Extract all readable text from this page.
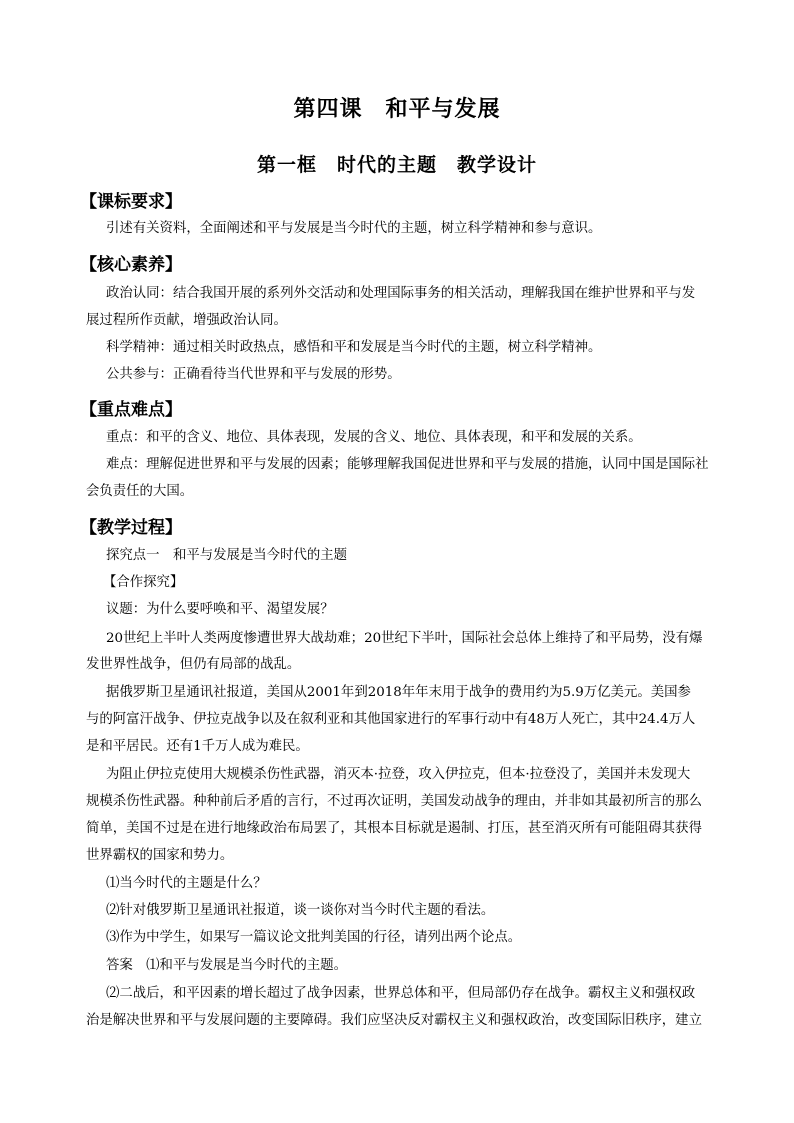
第四课　和平与发展
第一框　时代的主题　教学设计
【课标要求】
引述有关资料，全面阐述和平与发展是当今时代的主题，树立科学精神和参与意识。
【核心素养】
政治认同：结合我国开展的系列外交活动和处理国际事务的相关活动，理解我国在维护世界和平与发
展过程所作贡献，增强政治认同。
科学精神：通过相关时政热点，感悟和平和发展是当今时代的主题，树立科学精神。
公共参与：正确看待当代世界和平与发展的形势。
【重点难点】
重点：和平的含义、地位、具体表现，发展的含义、地位、具体表现，和平和发展的关系。
难点：理解促进世界和平与发展的因素；能够理解我国促进世界和平与发展的措施，认同中国是国际社
会负责任的大国。
【教学过程】
探究点一　和平与发展是当今时代的主题
【合作探究】
议题：为什么要呼唤和平、渴望发展？
20世纪上半叶人类两度惨遭世界大战劫难；20世纪下半叶，国际社会总体上维持了和平局势，没有爆
发世界性战争，但仍有局部的战乱。
据俄罗斯卫星通讯社报道，美国从2001年到2018年年末用于战争的费用约为5.9万亿美元。美国参
与的阿富汗战争、伊拉克战争以及在叙利亚和其他国家进行的军事行动中有48万人死亡，其中24.4万人
是和平居民。还有1千万人成为难民。
为阻止伊拉克使用大规模杀伤性武器，消灭本·拉登，攻入伊拉克，但本·拉登没了，美国并未发现大
规模杀伤性武器。种种前后矛盾的言行，不过再次证明，美国发动战争的理由，并非如其最初所言的那么
简单，美国不过是在进行地缘政治布局罢了，其根本目标就是遏制、打压，甚至消灭所有可能阻碍其获得
世界霸权的国家和势力。
⑴当今时代的主题是什么？
⑵针对俄罗斯卫星通讯社报道，谈一谈你对当今时代主题的看法。
⑶作为中学生，如果写一篇议论文批判美国的行径，请列出两个论点。
答案　⑴和平与发展是当今时代的主题。
⑵二战后，和平因素的增长超过了战争因素，世界总体和平，但局部仍存在战争。霸权主义和强权政
治是解决世界和平与发展问题的主要障碍。我们应坚决反对霸权主义和强权政治，改变国际旧秩序，建立
